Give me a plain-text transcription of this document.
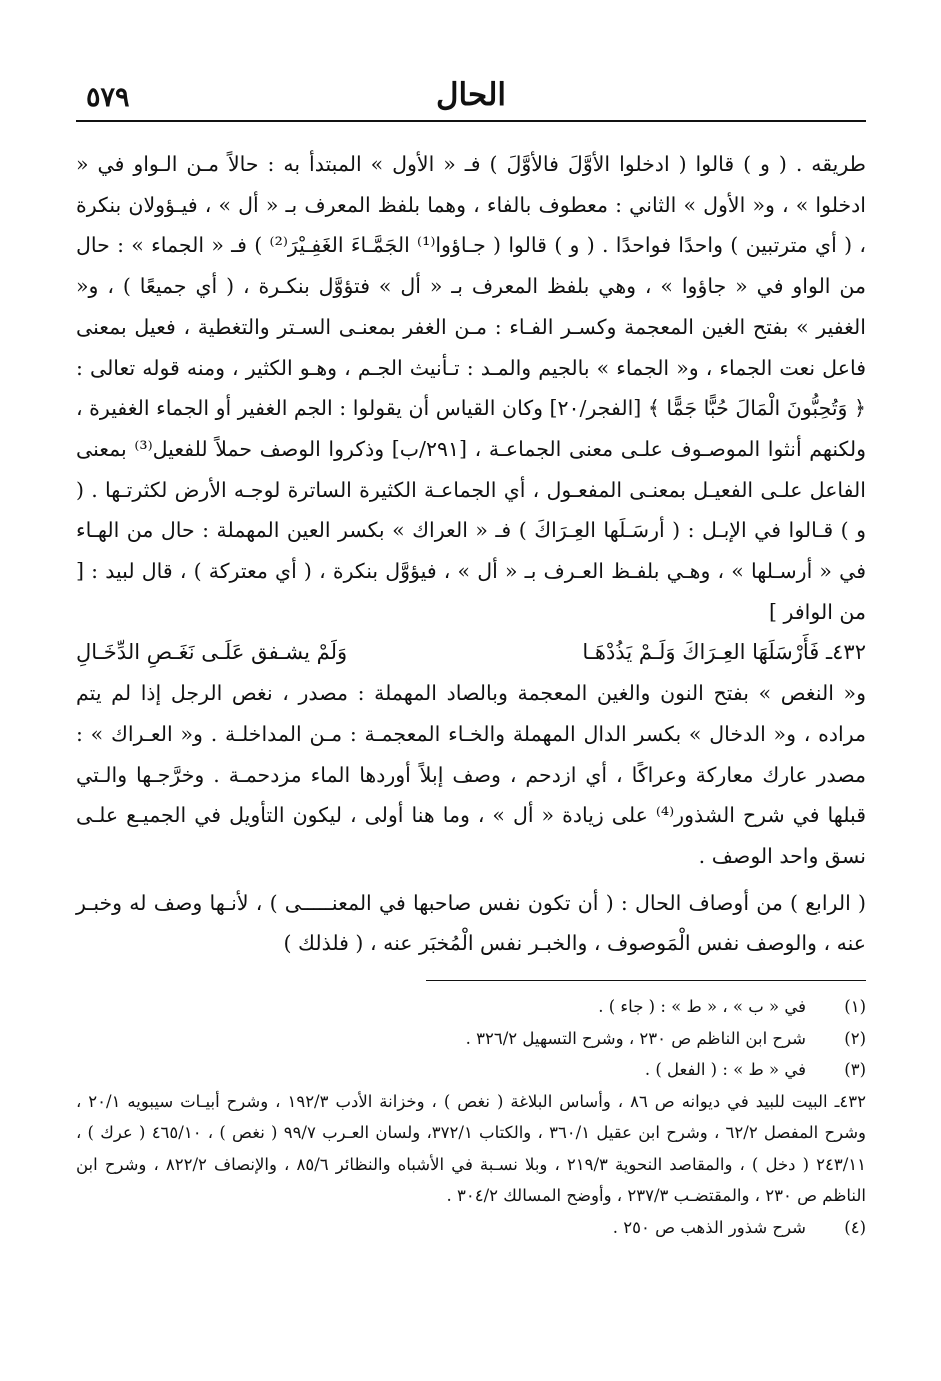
الحال
٥٧٩

طريقه . ( و ) قالوا ( ادخلوا الأوَّلَ فالأوَّلَ ) فـ « الأول » المبتدأ به : حالاً مـن الـواو في « ادخلوا » ، و« الأول » الثاني : معطوف بالفاء ، وهما بلفظ المعرف بـ « أل » ، فيـؤولان بنكرة ، ( أي مترتبين ) واحدًا فواحدًا . ( و ) قالوا ( جـاؤوا⁽¹⁾ الجَمَّـاءَ الغَفِـيْرَ⁽²⁾ ) فـ « الجماء » : حال من الواو في « جاؤوا » ، وهي بلفظ المعرف بـ « أل » فتؤوَّل بنكـرة ، ( أي جميعًا ) ، و« الغفير » بفتح الغين المعجمة وكسـر الفـاء : مـن الغفر بمعنـى السـتر والتغطية ، فعيل بمعنى فاعل نعت الجماء ، و« الجماء » بالجيم والمـد : تـأنيث الجـم ، وهـو الكثير ، ومنه قوله تعالى : ﴿ وَتُحِبُّونَ الْمَالَ حُبًّا جَمًّا ﴾ [الفجر/٢٠] وكان القياس أن يقولوا : الجم الغفير أو الجماء الغفيرة ، ولكنهم أنثوا الموصـوف علـى معنى الجماعـة ، [٢٩١/ب] وذكروا الوصف حملاً للفعيل⁽³⁾ بمعنى الفاعل علـى الفعيـل بمعنـى المفعـول ، أي الجماعـة الكثيرة الساترة لوجـه الأرض لكثرتـها . ( و ) قـالوا في الإبـل : ( أرسَـلَها العِـرَاكَ ) فـ « العراك » بكسر العين المهملة : حال من الهـاء في « أرسـلها » ، وهـي بلفـظ العـرف بـ « أل » ، فيؤوَّل بنكرة ، ( أي معتركة ) ، قال لبيد : [ من الوافر ]

٤٣٢ـ فَأَرْسَلَهَا العِـرَاكَ وَلَـمْ يَذُدْهَـا
وَلَمْ يشـفق عَلَـى نَغَـصِ الدِّخَـالِ

و« النغص » بفتح النون والغين المعجمة وبالصاد المهملة : مصدر ، نغص الرجل إذا لم يتم مراده ، و« الدخال » بكسر الدال المهملة والخـاء المعجمـة : مـن المداخلـة . و« العـراك » : مصدر عارك معاركة وعراكًا ، أي ازدحم ، وصف إبلاً أوردها الماء مزدحمـة . وخرَّجـها والـتي قبلها في شرح الشذور⁽⁴⁾ على زيادة « أل » ، وما هنا أولى ، ليكون التأويل في الجميـع علـى نسق واحد الوصف .

( الرابع ) من أوصاف الحال : ( أن تكون نفس صاحبها في المعنـــــى ) ، لأنـها وصف له وخبـر عنه ، والوصف نفس الْمَوصوف ، والخبـر نفس الْمُخبَر عنه ، ( فلذلك )

(١)
في « ب » ، « ط » : ( جاء ) .
(٢)
شرح ابن الناظم ص ٢٣٠ ، وشرح التسهيل ٣٢٦/٢ .
(٣)
في « ط » : ( الفعل ) .
٤٣٢ـ البيت للبيد في ديوانه ص ٨٦ ، وأساس البلاغة ( نغص ) ، وخزانة الأدب ١٩٢/٣ ، وشرح أبيـات سيبويه ٢٠/١ ، وشرح المفصل ٦٢/٢ ، وشرح ابن عقيل ٣٦٠/١ ، والكتاب ٣٧٢/١، ولسان العـرب ٩٩/٧ ( نغص ) ، ٤٦٥/١٠ ( عرك ) ، ٢٤٣/١١ ( دخل ) ، والمقاصد النحوية ٢١٩/٣ ، وبلا نسـبة في الأشباه والنظائر ٨٥/٦ ، والإنصاف ٨٢٢/٢ ، وشرح ابن الناظم ص ٢٣٠ ، والمقتضـب ٢٣٧/٣ ، وأوضح المسالك ٣٠٤/٢ .
(٤)
شرح شذور الذهب ص ٢٥٠ .
